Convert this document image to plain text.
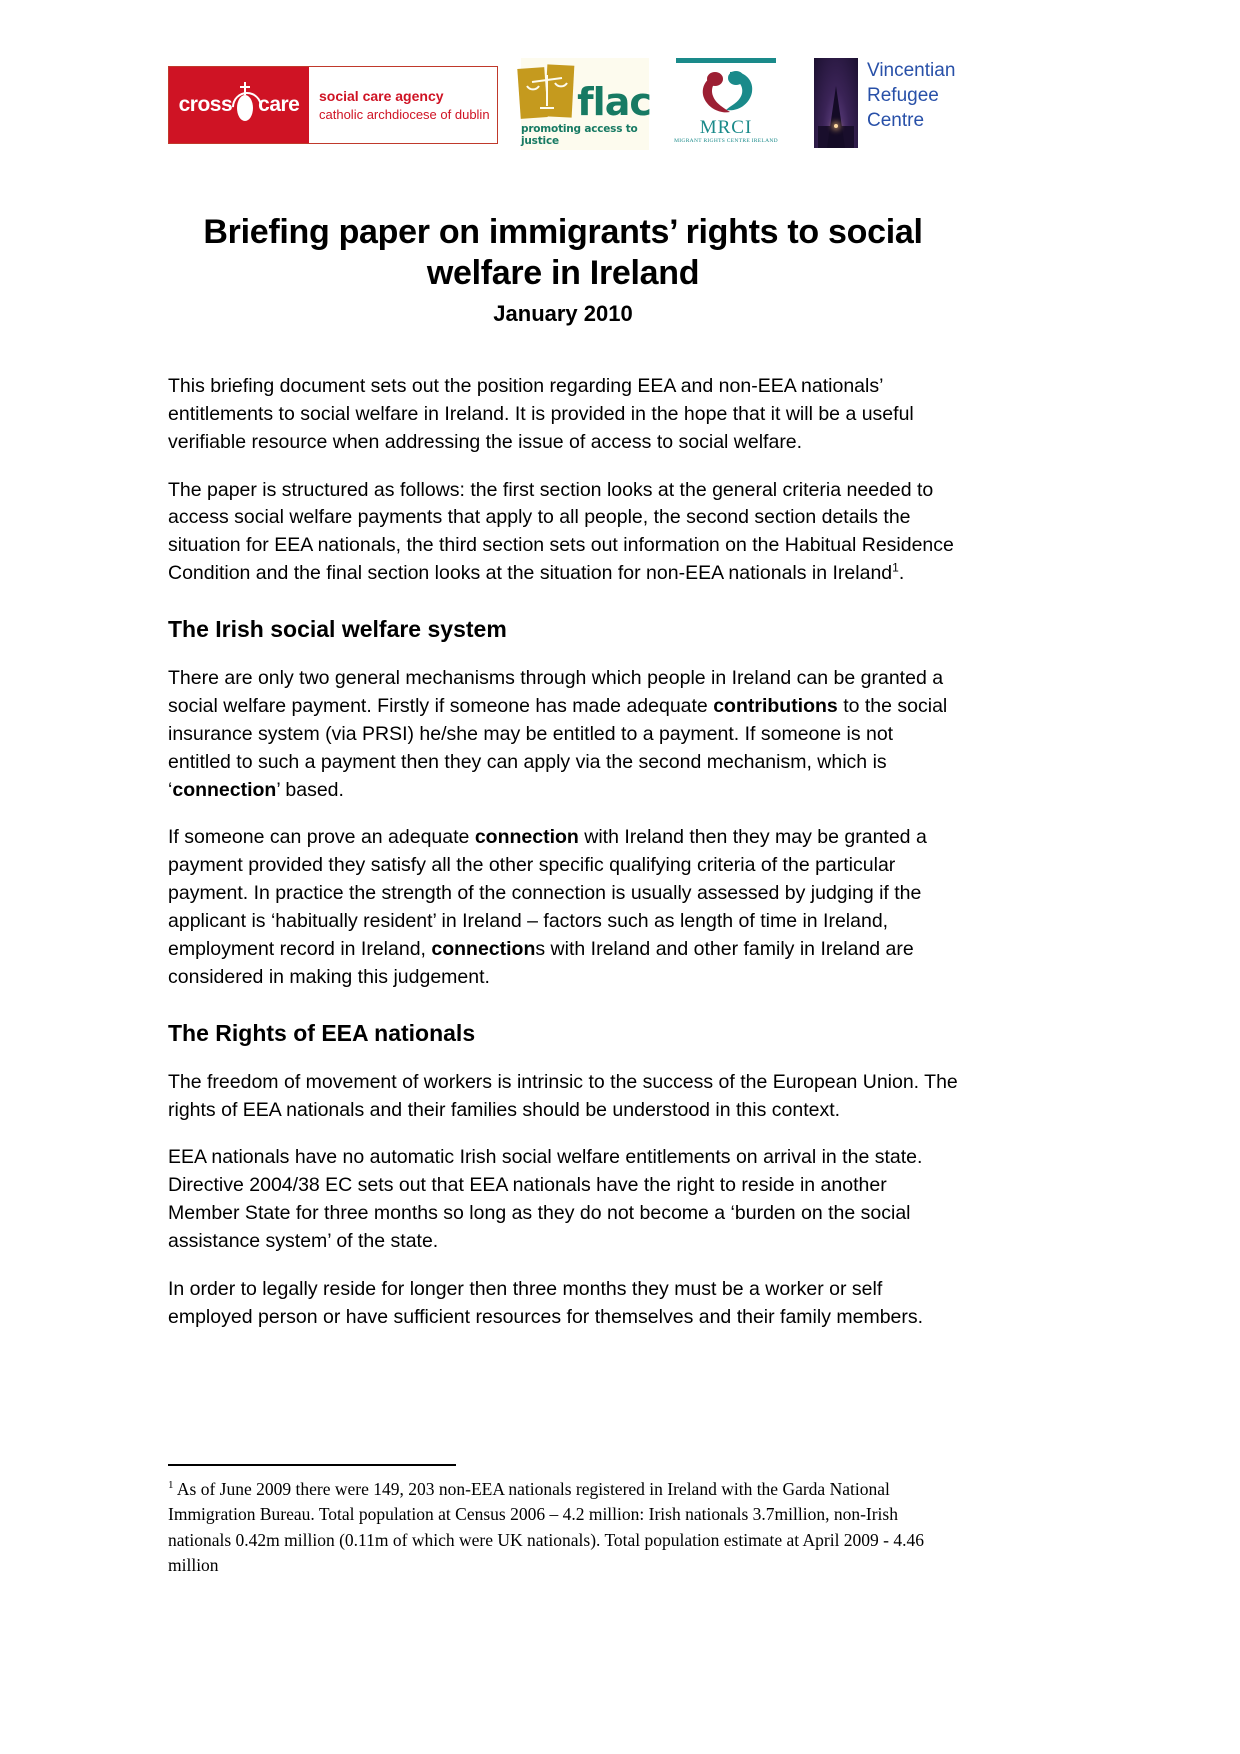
cross care social care agency
catholic archdiocese of dublin flac
promoting access to justice
MRCI
MIGRANT RIGHTS CENTRE IRELAND
Vincentian
Refugee
Centre
Briefing paper on immigrants’ rights to social welfare in Ireland
January 2010

This briefing document sets out the position regarding EEA and non-EEA nationals’ entitlements to social welfare in Ireland. It is provided in the hope that it will be a useful verifiable resource when addressing the issue of access to social welfare.

The paper is structured as follows: the first section looks at the general criteria needed to access social welfare payments that apply to all people, the second section details the situation for EEA nationals, the third section sets out information on the Habitual Residence Condition and the final section looks at the situation for non-EEA nationals in Ireland$^1$.

The Irish social welfare system

There are only two general mechanisms through which people in Ireland can be granted a social welfare payment. Firstly if someone has made adequate contributions to the social insurance system (via PRSI) he/she may be entitled to a payment. If someone is not entitled to such a payment then they can apply via the second mechanism, which is ‘connection’ based.

If someone can prove an adequate connection with Ireland then they may be granted a payment provided they satisfy all the other specific qualifying criteria of the particular payment. In practice the strength of the connection is usually assessed by judging if the applicant is ‘habitually resident’ in Ireland – factors such as length of time in Ireland, employment record in Ireland, connections with Ireland and other family in Ireland are considered in making this judgement.

The Rights of EEA nationals

The freedom of movement of workers is intrinsic to the success of the European Union. The rights of EEA nationals and their families should be understood in this context.

EEA nationals have no automatic Irish social welfare entitlements on arrival in the state. Directive 2004/38 EC sets out that EEA nationals have the right to reside in another Member State for three months so long as they do not become a ‘burden on the social assistance system’ of the state.

In order to legally reside for longer then three months they must be a worker or self employed person or have sufficient resources for themselves and their family members.

$^1$ As of June 2009 there were 149, 203 non-EEA nationals registered in Ireland with the Garda National Immigration Bureau. Total population at Census 2006 – 4.2 million: Irish nationals 3.7million, non-Irish nationals 0.42m million (0.11m of which were UK nationals). Total population estimate at April 2009 - 4.46 million
